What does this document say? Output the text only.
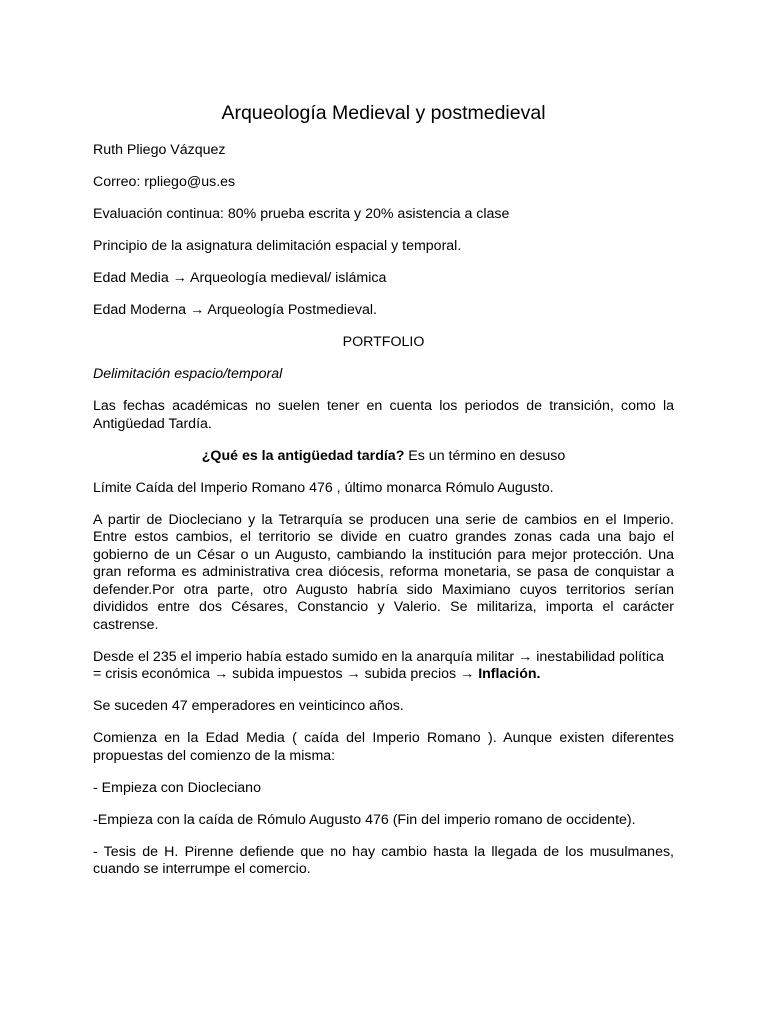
Arqueología Medieval y postmedieval
Ruth Pliego Vázquez
Correo: rpliego@us.es
Evaluación continua: 80% prueba escrita y 20% asistencia a clase
Principio de la asignatura delimitación espacial y temporal.
Edad Media → Arqueología medieval/ islámica
Edad Moderna → Arqueología Postmedieval.
PORTFOLIO
Delimitación espacio/temporal
Las fechas académicas no suelen tener en cuenta los periodos de transición, como la Antigüedad Tardía.
¿Qué es la antigüedad tardía? Es un término en desuso
Límite Caída del Imperio Romano 476 , último monarca Rómulo Augusto.
A partir de Diocleciano y la Tetrarquía se producen una serie de cambios en el Imperio. Entre estos cambios, el territorio se divide en cuatro grandes zonas cada una bajo el gobierno de un César o un Augusto, cambiando la institución para mejor protección. Una gran reforma es administrativa crea diócesis, reforma monetaria, se pasa de conquistar a defender.Por otra parte, otro Augusto habría sido Maximiano cuyos territorios serían divididos entre dos Césares, Constancio y Valerio. Se militariza, importa el carácter castrense.
Desde el 235 el imperio había estado sumido en la anarquía militar → inestabilidad política = crisis económica → subida impuestos → subida precios → Inflación.
Se suceden 47 emperadores en veinticinco años.
Comienza en la Edad Media ( caída del Imperio Romano ). Aunque existen diferentes propuestas del comienzo de la misma:
- Empieza con Diocleciano
-Empieza con la caída de Rómulo Augusto 476 (Fin del imperio romano de occidente).
- Tesis de H. Pirenne defiende que no hay cambio hasta la llegada de los musulmanes, cuando se interrumpe el comercio.
